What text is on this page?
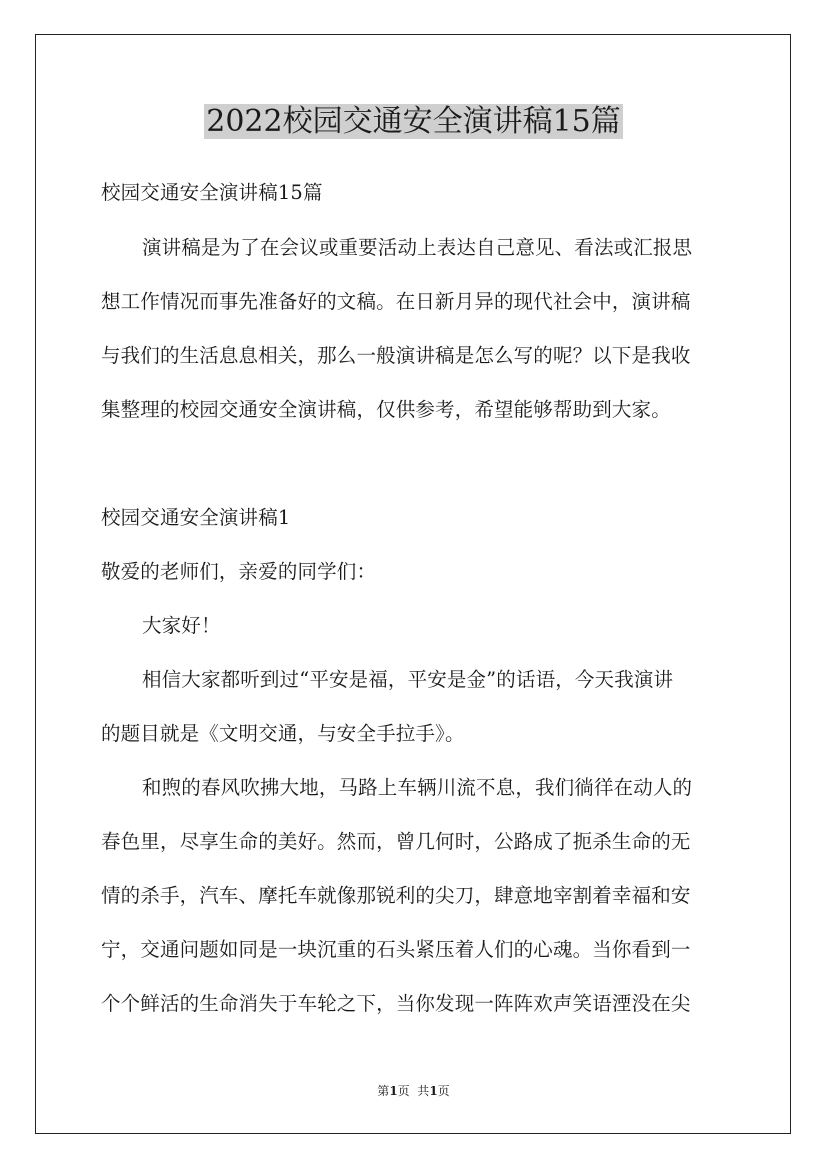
2022校园交通安全演讲稿15篇
校园交通安全演讲稿15篇
演讲稿是为了在会议或重要活动上表达自己意见、看法或汇报思
想工作情况而事先准备好的文稿。在日新月异的现代社会中，演讲稿
与我们的生活息息相关，那么一般演讲稿是怎么写的呢？以下是我收
集整理的校园交通安全演讲稿，仅供参考，希望能够帮助到大家。
校园交通安全演讲稿1
敬爱的老师们，亲爱的同学们：
大家好！
相信大家都听到过“平安是福，平安是金”的话语，今天我演讲
的题目就是《文明交通，与安全手拉手》。
和煦的春风吹拂大地，马路上车辆川流不息，我们徜徉在动人的
春色里，尽享生命的美好。然而，曾几何时，公路成了扼杀生命的无
情的杀手，汽车、摩托车就像那锐利的尖刀，肆意地宰割着幸福和安
宁，交通问题如同是一块沉重的石头紧压着人们的心魂。当你看到一
个个鲜活的生命消失于车轮之下，当你发现一阵阵欢声笑语湮没在尖
第1页  共1页
